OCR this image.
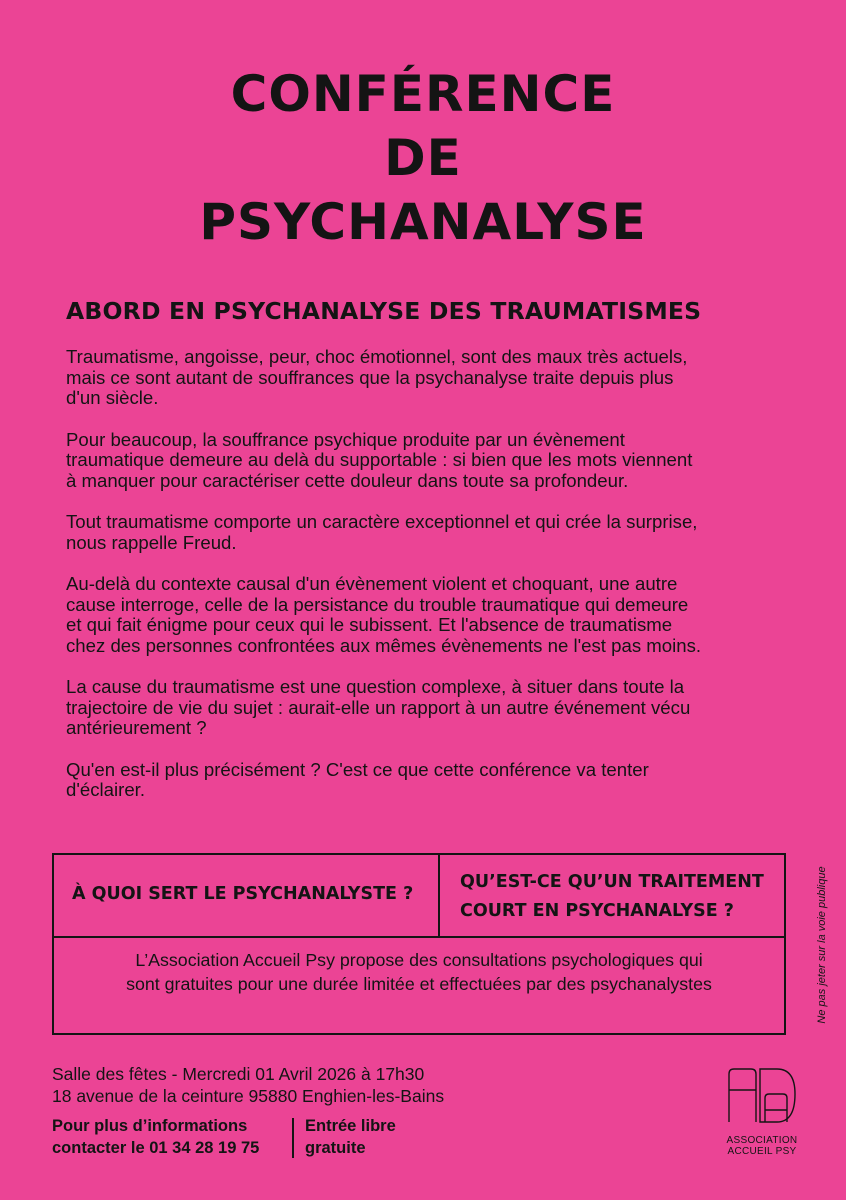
CONFÉRENCE
DE
PSYCHANALYSE
ABORD EN PSYCHANALYSE DES TRAUMATISMES

Traumatisme, angoisse, peur, choc émotionnel, sont des maux très actuels,
mais ce sont autant de souffrances que la psychanalyse traite depuis plus
d'un siècle.

Pour beaucoup, la souffrance psychique produite par un évènement
traumatique demeure au delà du supportable : si bien que les mots viennent
à manquer pour caractériser cette douleur dans toute sa profondeur.

Tout traumatisme comporte un caractère exceptionnel et qui crée la surprise,
nous rappelle Freud.

Au-delà du contexte causal d'un évènement violent et choquant, une autre
cause interroge, celle de la persistance du trouble traumatique qui demeure
et qui fait énigme pour ceux qui le subissent. Et l'absence de traumatisme
chez des personnes confrontées aux mêmes évènements ne l'est pas moins.

La cause du traumatisme est une question complexe, à situer dans toute la
trajectoire de vie du sujet : aurait-elle un rapport à un autre événement vécu
antérieurement ?

Qu'en est-il plus précisément ? C'est ce que cette conférence va tenter
d'éclairer.

À QUOI SERT LE PSYCHANALYSTE ?
QU’EST-CE QU’UN TRAITEMENT
COURT EN PSYCHANALYSE ?
L’Association Accueil Psy propose des consultations psychologiques qui
sont gratuites pour une durée limitée et effectuées par des psychanalystes	Ne pas jeter sur la voie publique
Salle des fêtes - Mercredi 01 Avril 2026 à 17h30
18 avenue de la ceinture 95880 Enghien-les-Bains
Pour plus d’informations
contacter le 01 34 28 19 75
Entrée libre
gratuite	ASSOCIATION
ACCUEIL PSY
